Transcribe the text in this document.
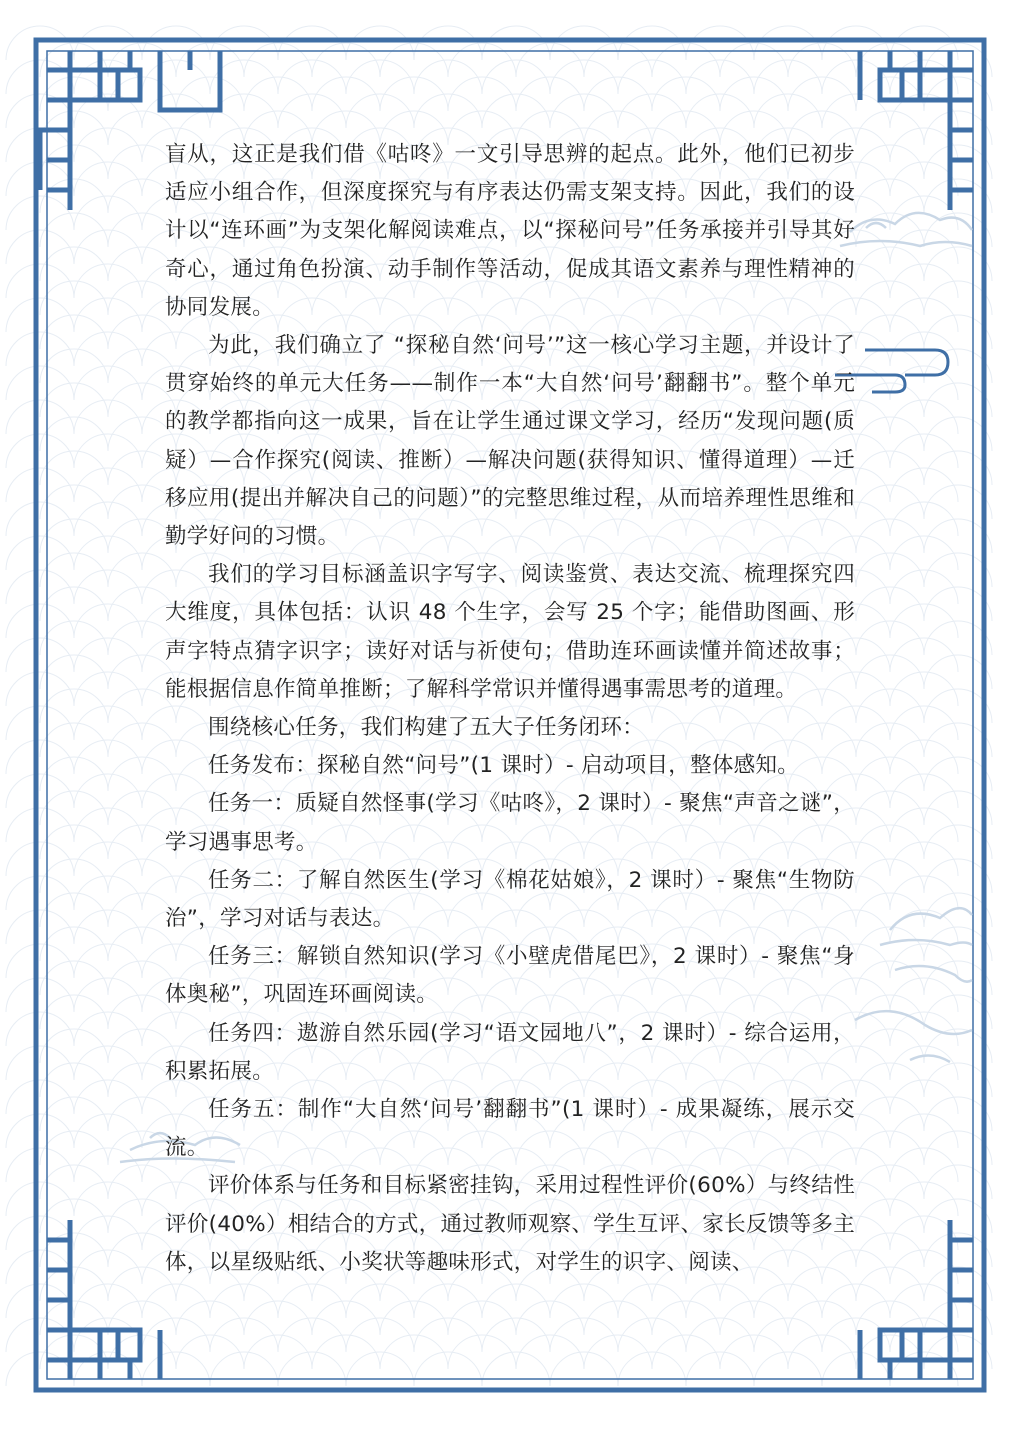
盲从，这正是我们借《咕咚》一文引导思辨的起点。此外，他们已初步适应小组合作，但深度探究与有序表达仍需支架支持。因此，我们的设计以“连环画”为支架化解阅读难点，以“探秘问号”任务承接并引导其好奇心，通过角色扮演、动手制作等活动，促成其语文素养与理性精神的协同发展。

为此，我们确立了 “探秘自然‘问号’”这一核心学习主题，并设计了贯穿始终的单元大任务——制作一本“大自然‘问号’翻翻书”。整个单元的教学都指向这一成果，旨在让学生通过课文学习，经历“发现问题(质疑）—合作探究(阅读、推断）—解决问题(获得知识、懂得道理）—迁移应用(提出并解决自己的问题）”的完整思维过程，从而培养理性思维和勤学好问的习惯。

我们的学习目标涵盖识字写字、阅读鉴赏、表达交流、梳理探究四大维度，具体包括：认识 48 个生字，会写 25 个字；能借助图画、形声字特点猜字识字；读好对话与祈使句；借助连环画读懂并简述故事；能根据信息作简单推断；了解科学常识并懂得遇事需思考的道理。

围绕核心任务，我们构建了五大子任务闭环：

任务发布：探秘自然“问号”(1 课时）- 启动项目，整体感知。

任务一：质疑自然怪事(学习《咕咚》，2 课时）- 聚焦“声音之谜”，学习遇事思考。

任务二：了解自然医生(学习《棉花姑娘》，2 课时）- 聚焦“生物防治”，学习对话与表达。

任务三：解锁自然知识(学习《小壁虎借尾巴》，2 课时）- 聚焦“身体奥秘”，巩固连环画阅读。

任务四：遨游自然乐园(学习“语文园地八”，2 课时）- 综合运用，积累拓展。

任务五：制作“大自然‘问号’翻翻书”(1 课时）- 成果凝练，展示交流。

评价体系与任务和目标紧密挂钩，采用过程性评价(60%）与终结性评价(40%）相结合的方式，通过教师观察、学生互评、家长反馈等多主体，以星级贴纸、小奖状等趣味形式，对学生的识字、阅读、
